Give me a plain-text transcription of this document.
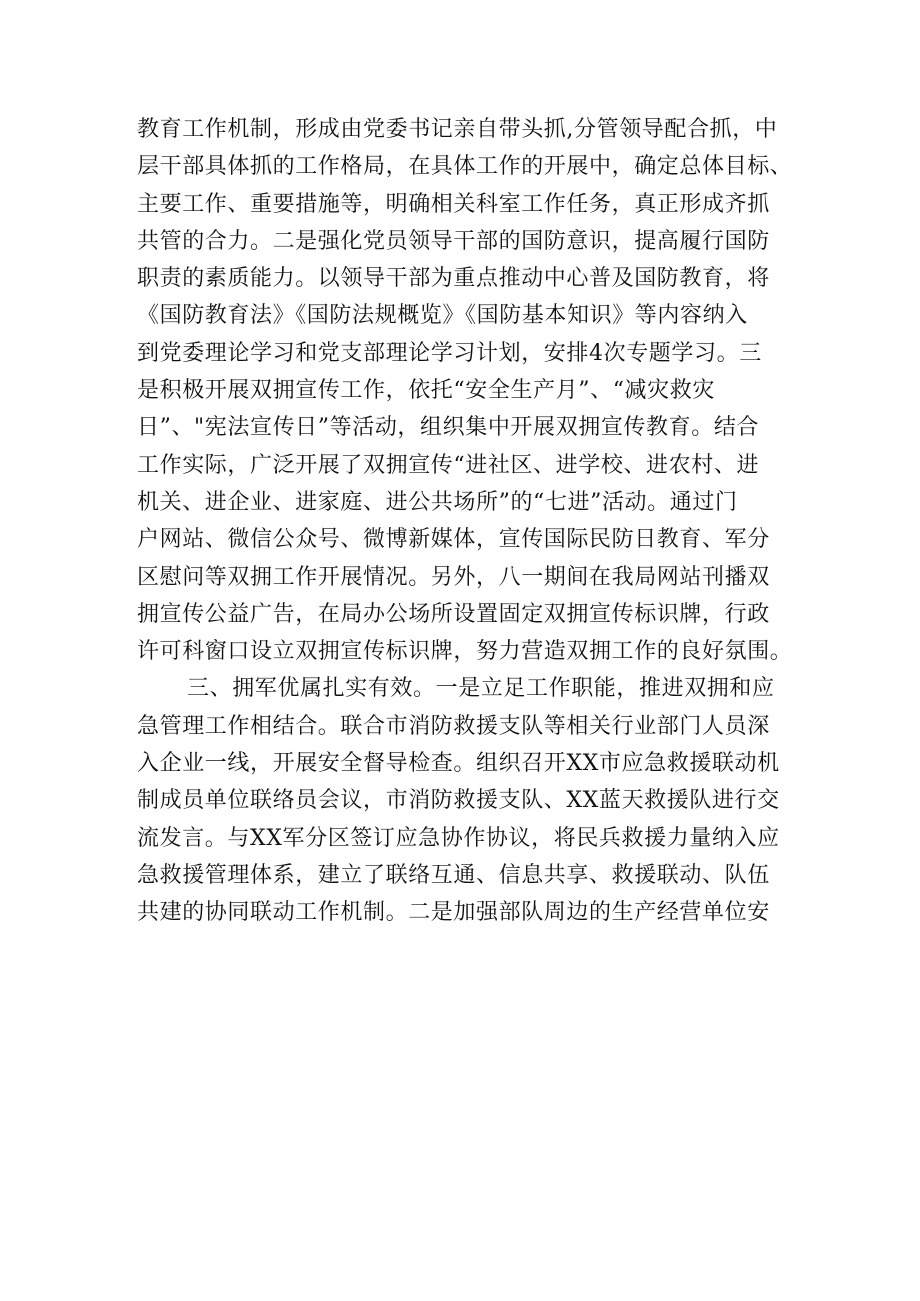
教育工作机制，形成由党委书记亲自带头抓,分管领导配合抓，中
层干部具体抓的工作格局，在具体工作的开展中，确定总体目标、
主要工作、重要措施等，明确相关科室工作任务，真正形成齐抓
共管的合力。二是强化党员领导干部的国防意识，提高履行国防
职责的素质能力。以领导干部为重点推动中心普及国防教育，将
《国防教育法》《国防法规概览》《国防基本知识》等内容纳入
到党委理论学习和党支部理论学习计划，安排4次专题学习。三
是积极开展双拥宣传工作，依托“安全生产月”、“减灾救灾
日”、"宪法宣传日”等活动，组织集中开展双拥宣传教育。结合
工作实际，广泛开展了双拥宣传“进社区、进学校、进农村、进
机关、进企业、进家庭、进公共场所”的“七进”活动。通过门
户网站、微信公众号、微博新媒体，宣传国际民防日教育、军分
区慰问等双拥工作开展情况。另外，八一期间在我局网站刊播双
拥宣传公益广告，在局办公场所设置固定双拥宣传标识牌，行政
许可科窗口设立双拥宣传标识牌，努力营造双拥工作的良好氛围。
三、拥军优属扎实有效。一是立足工作职能，推进双拥和应
急管理工作相结合。联合市消防救援支队等相关行业部门人员深
入企业一线，开展安全督导检查。组织召开XX市应急救援联动机
制成员单位联络员会议，市消防救援支队、XX蓝天救援队进行交
流发言。与XX军分区签订应急协作协议，将民兵救援力量纳入应
急救援管理体系，建立了联络互通、信息共享、救援联动、队伍
共建的协同联动工作机制。二是加强部队周边的生产经营单位安
